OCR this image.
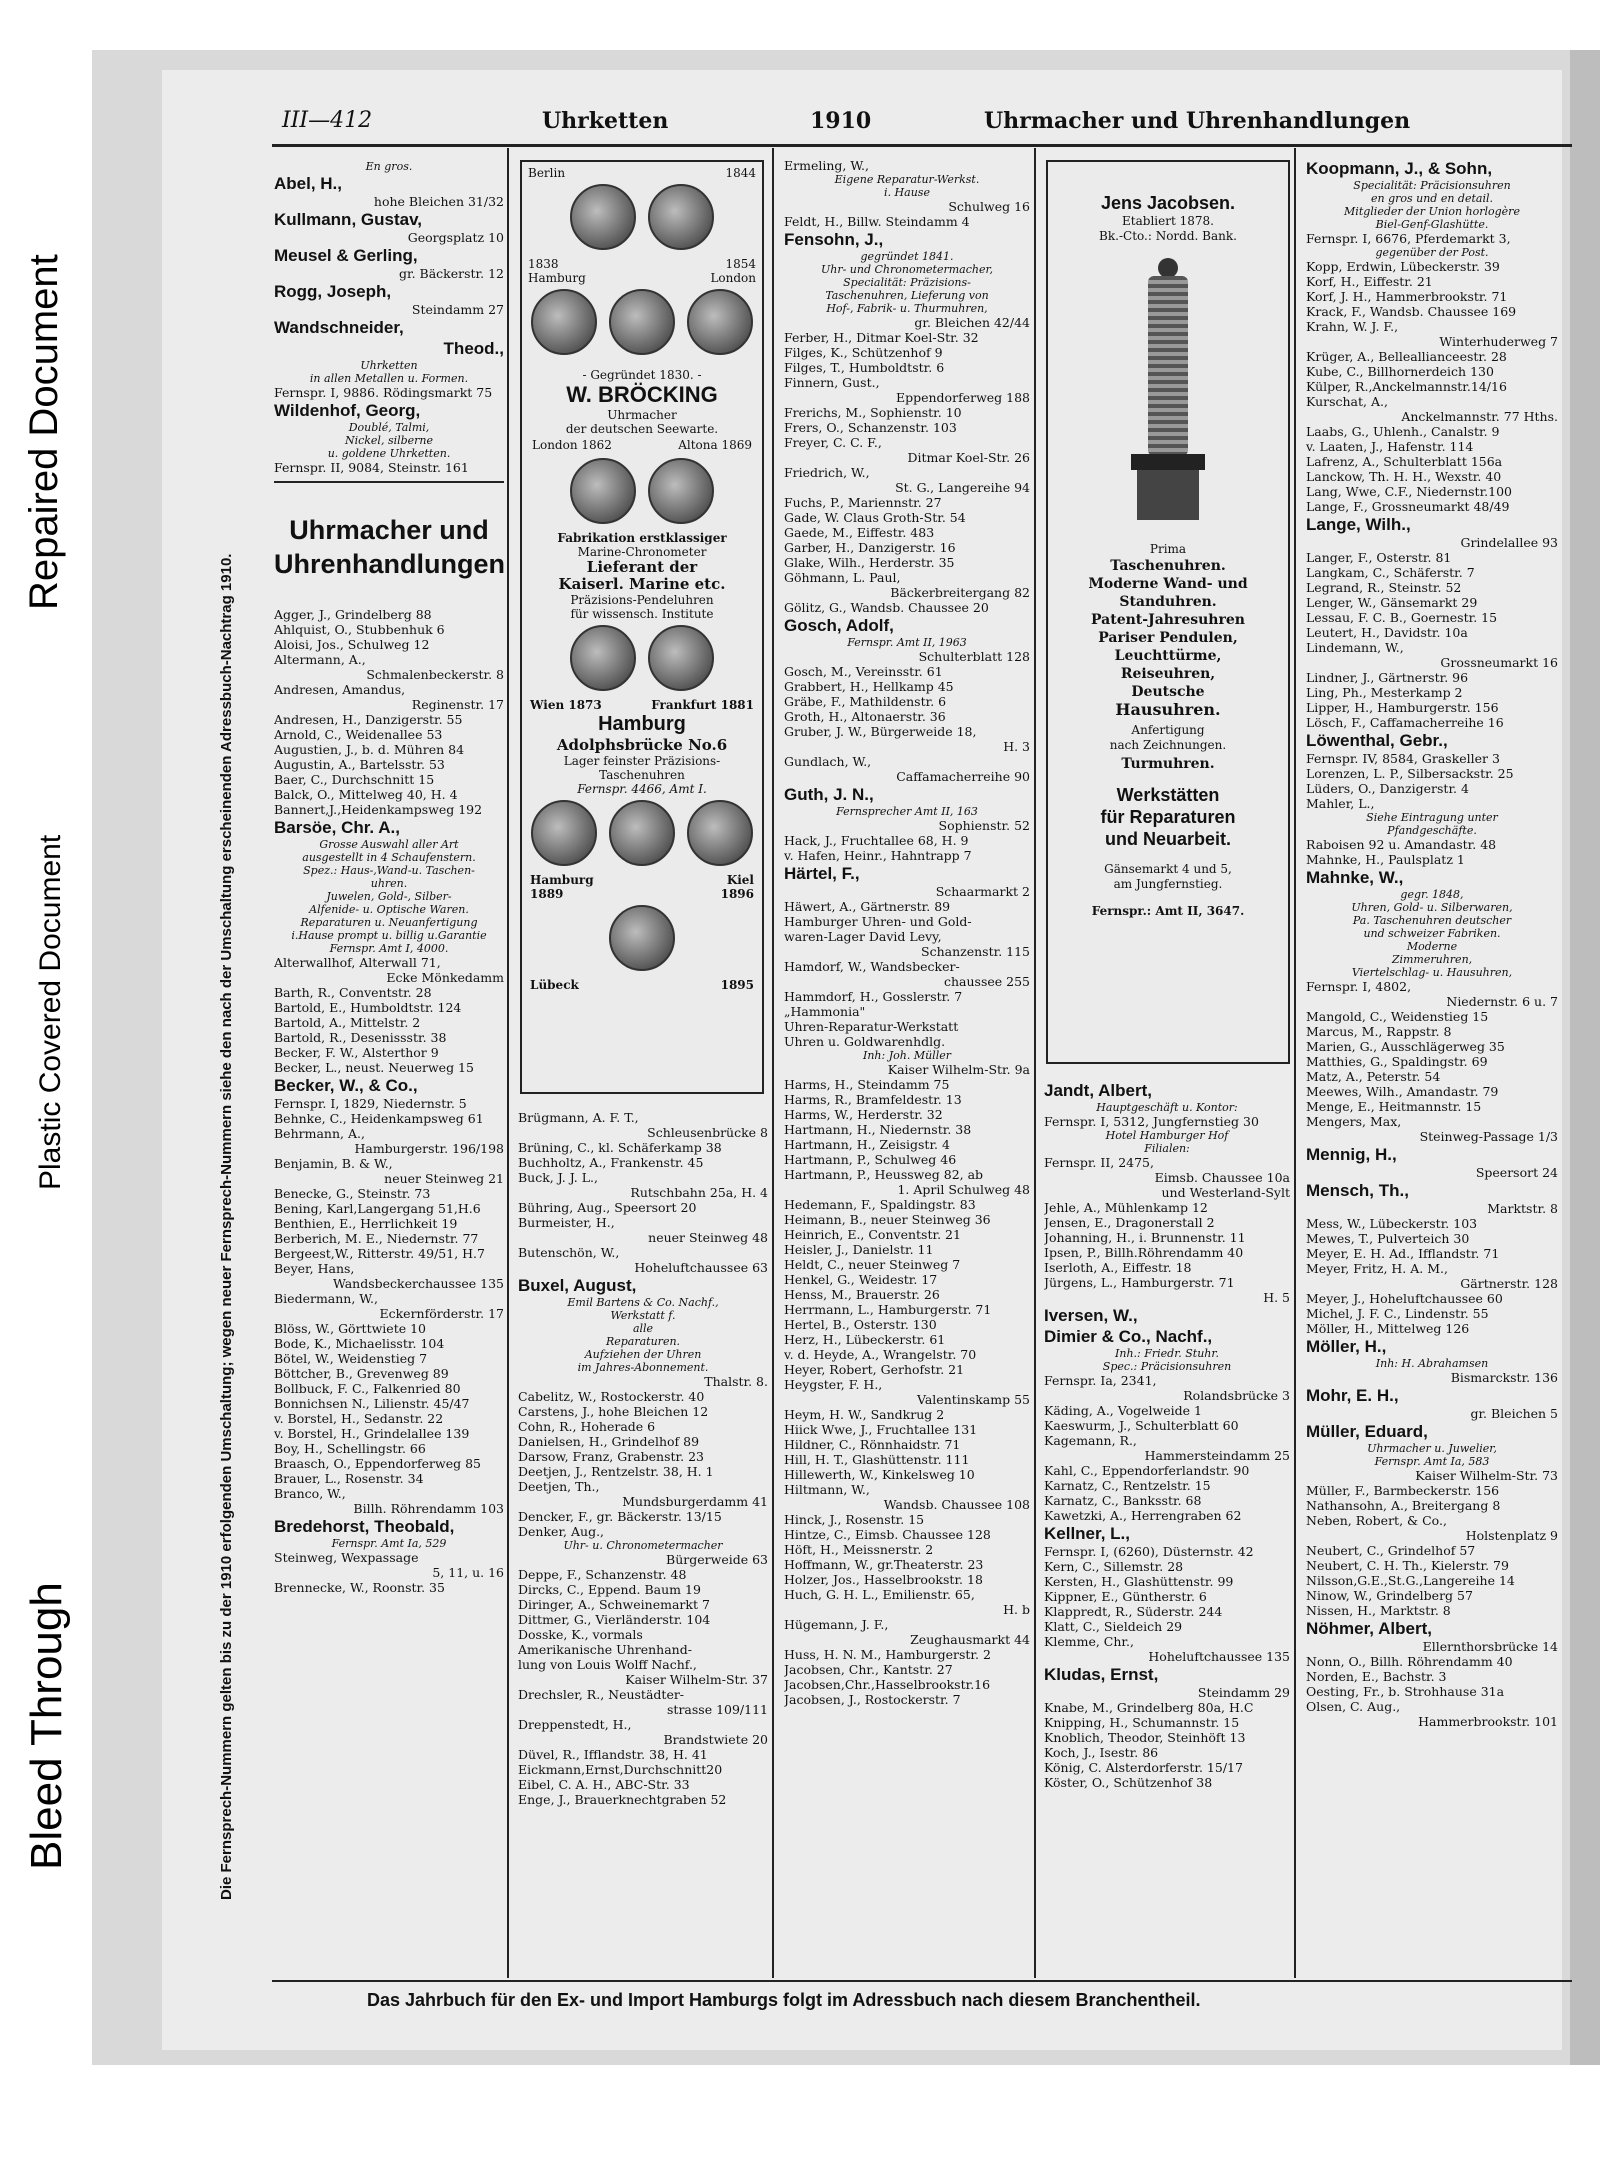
Bleed Through
Plastic Covered Document
Repaired Document
III—412	Uhrketten	1910	Uhrmacher und Uhrenhandlungen
Die Fernsprech-Nummern gelten bis zu der 1910 erfolgenden Umschaltung; wegen neuer Fernsprech-Nummern siehe den nach der Umschaltung erscheinenden Adressbuch-Nachtrag 1910.
En gros.
Abel, H.,
hohe Bleichen 31/32
Kullmann, Gustav,
Georgsplatz 10
Meusel & Gerling,
gr. Bäckerstr. 12
Rogg, Joseph,
Steindamm 27
Wandschneider,
Theod.,
Uhrketten
in allen Metallen u. Formen.
Fernspr. I, 9886. Rödingsmarkt 75
Wildenhof, Georg,
Doublé, Talmi,
Nickel, silberne
u. goldene Uhrketten.
Fernspr. II, 9084, Steinstr. 161
Uhrmacher und
Uhrenhandlungen
Agger, J., Grindelberg 88
Ahlquist, O., Stubbenhuk 6
Aloisi, Jos., Schulweg 12
Altermann, A.,
Schmalenbeckerstr. 8
Andresen, Amandus,
Reginenstr. 17
Andresen, H., Danzigerstr. 55
Arnold, C., Weidenallee 53
Augustien, J., b. d. Mühren 84
Augustin, A., Bartelsstr. 53
Baer, C., Durchschnitt 15
Balck, O., Mittelweg 40, H. 4
Bannert,J.,Heidenkampsweg 192
Barsöe, Chr. A.,
Grosse Auswahl aller Art
ausgestellt in 4 Schaufenstern.
Spez.: Haus-,Wand-u. Taschen-
uhren.
Juwelen, Gold-, Silber-
Alfenide- u. Optische Waren.
Reparaturen u. Neuanfertigung
i.Hause prompt u. billig u.Garantie
Fernspr. Amt I, 4000.
Alterwallhof, Alterwall 71,
Ecke Mönkedamm
Barth, R., Conventstr. 28
Bartold, E., Humboldtstr. 124
Bartold, A., Mittelstr. 2
Bartold, R., Desenissstr. 38
Becker, F. W., Alsterthor 9
Becker, L., neust. Neuerweg 15
Becker, W., & Co.,
Fernspr. I, 1829, Niedernstr. 5
Behnke, C., Heidenkampsweg 61
Behrmann, A.,
Hamburgerstr. 196/198
Benjamin, B. & W.,
neuer Steinweg 21
Benecke, G., Steinstr. 73
Bening, Karl,Langergang 51,H.6
Benthien, E., Herrlichkeit 19
Berberich, M. E., Niedernstr. 77
Bergeest,W., Ritterstr. 49/51, H.7
Beyer, Hans,
Wandsbeckerchaussee 135
Biedermann, W.,
Eckernförderstr. 17
Blöss, W., Görttwiete 10
Bode, K., Michaelisstr. 104
Bötel, W., Weidenstieg 7
Böttcher, B., Grevenweg 89
Bollbuck, F. C., Falkenried 80
Bonnichsen N., Lilienstr. 45/47
v. Borstel, H., Sedanstr. 22
v. Borstel, H., Grindelallee 139
Boy, H., Schellingstr. 66
Braasch, O., Eppendorferweg 85
Brauer, L., Rosenstr. 34
Branco, W.,
Billh. Röhrendamm 103
Bredehorst, Theobald,
Fernspr. Amt Ia, 529
Steinweg, Wexpassage
5, 11, u. 16
Brennecke, W., Roonstr. 35
Berlin	1844
1838	1854
Hamburg	London
- Gegründet 1830. -
W. BRÖCKING
Uhrmacher
der deutschen Seewarte.
London 1862	Altona 1869
Fabrikation erstklassiger
Marine-Chronometer
Lieferant der
Kaiserl. Marine etc.
Präzisions-Pendeluhren
für wissensch. Institute
Wien 1873	Frankfurt 1881
Hamburg
Adolphsbrücke No.6
Lager feinster Präzisions-
Taschenuhren
Fernspr. 4466, Amt I.
Hamburg	Kiel
1889	1896
Lübeck	1895
Brügmann, A. F. T.,
Schleusenbrücke 8
Brüning, C., kl. Schäferkamp 38
Buchholtz, A., Frankenstr. 45
Buck, J. J. L.,
Rutschbahn 25a, H. 4
Bühring, Aug., Speersort 20
Burmeister, H.,
neuer Steinweg 48
Butenschön, W.,
Hoheluftchaussee 63
Buxel, August,
Emil Bartens & Co. Nachf.,
Werkstatt f.
alle
Reparaturen.
Aufziehen der Uhren
im Jahres-Abonnement.
Thalstr. 8.
Cabelitz, W., Rostockerstr. 40
Carstens, J., hohe Bleichen 12
Cohn, R., Hoherade 6
Danielsen, H., Grindelhof 89
Darsow, Franz, Grabenstr. 23
Deetjen, J., Rentzelstr. 38, H. 1
Deetjen, Th.,
Mundsburgerdamm 41
Dencker, F., gr. Bäckerstr. 13/15
Denker, Aug.,
Uhr- u. Chronometermacher
Bürgerweide 63
Deppe, F., Schanzenstr. 48
Dircks, C., Eppend. Baum 19
Diringer, A., Schweinemarkt 7
Dittmer, G., Vierländerstr. 104
Dosske, K., vormals
Amerikanische Uhrenhand-
lung von Louis Wolff Nachf.,
Kaiser Wilhelm-Str. 37
Drechsler, R., Neustädter-
strasse 109/111
Dreppenstedt, H.,
Brandstwiete 20
Düvel, R., Ifflandstr. 38, H. 41
Eickmann,Ernst,Durchschnitt20
Eibel, C. A. H., ABC-Str. 33
Enge, J., Brauerknechtgraben 52
Ermeling, W.,
Eigene Reparatur-Werkst.
i. Hause
Schulweg 16
Feldt, H., Billw. Steindamm 4
Fensohn, J.,
gegründet 1841.
Uhr- und Chronometermacher,
Specialität: Präzisions-
Taschenuhren, Lieferung von
Hof-, Fabrik- u. Thurmuhren,
gr. Bleichen 42/44
Ferber, H., Ditmar Koel-Str. 32
Filges, K., Schützenhof 9
Filges, T., Humboldtstr. 6
Finnern, Gust.,
Eppendorferweg 188
Frerichs, M., Sophienstr. 10
Frers, O., Schanzenstr. 103
Freyer, C. C. F.,
Ditmar Koel-Str. 26
Friedrich, W.,
St. G., Langereihe 94
Fuchs, P., Mariennstr. 27
Gade, W. Claus Groth-Str. 54
Gaede, M., Eiffestr. 483
Garber, H., Danzigerstr. 16
Glake, Wilh., Herderstr. 35
Göhmann, L. Paul,
Bäckerbreitergang 82
Gölitz, G., Wandsb. Chaussee 20
Gosch, Adolf,
Fernspr. Amt II, 1963
Schulterblatt 128
Gosch, M., Vereinsstr. 61
Grabbert, H., Hellkamp 45
Gräbe, F., Mathildenstr. 6
Groth, H., Altonaerstr. 36
Gruber, J. W., Bürgerweide 18,
H. 3
Gundlach, W.,
Caffamacherreihe 90
Guth, J. N.,
Fernsprecher Amt II, 163
Sophienstr. 52
Hack, J., Fruchtallee 68, H. 9
v. Hafen, Heinr., Hahntrapp 7
Härtel, F.,
Schaarmarkt 2
Häwert, A., Gärtnerstr. 89
Hamburger Uhren- und Gold-
waren-Lager David Levy,
Schanzenstr. 115
Hamdorf, W., Wandsbecker-
chaussee 255
Hammdorf, H., Gosslerstr. 7
„Hammonia"
Uhren-Reparatur-Werkstatt
Uhren u. Goldwarenhdlg.
Inh: Joh. Müller
Kaiser Wilhelm-Str. 9a
Harms, H., Steindamm 75
Harms, R., Bramfeldestr. 13
Harms, W., Herderstr. 32
Hartmann, H., Niedernstr. 38
Hartmann, H., Zeisigstr. 4
Hartmann, P., Schulweg 46
Hartmann, P., Heussweg 82, ab
1. April Schulweg 48
Hedemann, F., Spaldingstr. 83
Heimann, B., neuer Steinweg 36
Heinrich, E., Conventstr. 21
Heisler, J., Danielstr. 11
Heldt, C., neuer Steinweg 7
Henkel, G., Weidestr. 17
Henss, M., Brauerstr. 26
Herrmann, L., Hamburgerstr. 71
Hertel, B., Osterstr. 130
Herz, H., Lübeckerstr. 61
v. d. Heyde, A., Wrangelstr. 70
Heyer, Robert, Gerhofstr. 21
Heygster, F. H.,
Valentinskamp 55
Heym, H. W., Sandkrug 2
Hiick Wwe, J., Fruchtallee 131
Hildner, C., Rönnhaidstr. 71
Hill, H. T., Glashüttenstr. 111
Hillewerth, W., Kinkelsweg 10
Hiltmann, W.,
Wandsb. Chaussee 108
Hinck, J., Rosenstr. 15
Hintze, C., Eimsb. Chaussee 128
Höft, H., Meissnerstr. 2
Hoffmann, W., gr.Theaterstr. 23
Holzer, Jos., Hasselbrookstr. 18
Huch, G. H. L., Emilienstr. 65,
H. b
Hügemann, J. F.,
Zeughausmarkt 44
Huss, H. N. M., Hamburgerstr. 2
Jacobsen, Chr., Kantstr. 27
Jacobsen,Chr.,Hasselbrookstr.16
Jacobsen, J., Rostockerstr. 7
Jens Jacobsen.
Etabliert 1878.
Bk.-Cto.: Nordd. Bank.
Prima
Taschenuhren.
Moderne Wand- und
Standuhren.
Patent-Jahresuhren
Pariser Pendulen,
Leuchttürme,
Reiseuhren,
Deutsche
Hausuhren.
Anfertigung
nach Zeichnungen.
Turmuhren.
Werkstätten
für Reparaturen
und Neuarbeit.
Gänsemarkt 4 und 5,
am Jungfernstieg.
Fernspr.: Amt II, 3647.
Jandt, Albert,
Hauptgeschäft u. Kontor:
Fernspr. I, 5312, Jungfernstieg 30
Hotel Hamburger Hof
Filialen:
Fernspr. II, 2475,
Eimsb. Chaussee 10a
und Westerland-Sylt
Jehle, A., Mühlenkamp 12
Jensen, E., Dragonerstall 2
Johanning, H., i. Brunnenstr. 11
Ipsen, P., Billh.Röhrendamm 40
Iserloth, A., Eiffestr. 18
Jürgens, L., Hamburgerstr. 71
H. 5
Iversen, W.,
Dimier & Co., Nachf.,
Inh.: Friedr. Stuhr.
Spec.: Präcisionsuhren
Fernspr. Ia, 2341,
Rolandsbrücke 3
Käding, A., Vogelweide 1
Kaeswurm, J., Schulterblatt 60
Kagemann, R.,
Hammersteindamm 25
Kahl, C., Eppendorferlandstr. 90
Karnatz, C., Rentzelstr. 15
Karnatz, C., Banksstr. 68
Kawetzki, A., Herrengraben 62
Kellner, L.,
Fernspr. I, (6260), Düsternstr. 42
Kern, C., Sillemstr. 28
Kersten, H., Glashüttenstr. 99
Kippner, E., Güntherstr. 6
Klappredt, R., Süderstr. 244
Klatt, C., Sieldeich 29
Klemme, Chr.,
Hoheluftchaussee 135
Kludas, Ernst,
Steindamm 29
Knabe, M., Grindelberg 80a, H.C
Knipping, H., Schumannstr. 15
Knoblich, Theodor, Steinhöft 13
Koch, J., Isestr. 86
König, C. Alsterdorferstr. 15/17
Köster, O., Schützenhof 38
Koopmann, J., & Sohn,
Specialität: Präcisionsuhren
en gros und en detail.
Mitglieder der Union horlogère
Biel-Genf-Glashütte.
Fernspr. I, 6676, Pferdemarkt 3,
gegenüber der Post.
Kopp, Erdwin, Lübeckerstr. 39
Korf, H., Eiffestr. 21
Korf, J. H., Hammerbrookstr. 71
Krack, F., Wandsb. Chaussee 169
Krahn, W. J. F.,
Winterhuderweg 7
Krüger, A., Belleallianceestr. 28
Kube, C., Billhornerdeich 130
Külper, R.,Anckelmannstr.14/16
Kurschat, A.,
Anckelmannstr. 77 Hths.
Laabs, G., Uhlenh., Canalstr. 9
v. Laaten, J., Hafenstr. 114
Lafrenz, A., Schulterblatt 156a
Lanckow, Th. H. H., Wexstr. 40
Lang, Wwe, C.F., Niedernstr.100
Lange, F., Grossneumarkt 48/49
Lange, Wilh.,
Grindelallee 93
Langer, F., Osterstr. 81
Langkam, C., Schäferstr. 7
Legrand, R., Steinstr. 52
Lenger, W., Gänsemarkt 29
Lessau, F. C. B., Goernestr. 15
Leutert, H., Davidstr. 10a
Lindemann, W.,
Grossneumarkt 16
Lindner, J., Gärtnerstr. 96
Ling, Ph., Mesterkamp 2
Lipper, H., Hamburgerstr. 156
Lösch, F., Caffamacherreihe 16
Löwenthal, Gebr.,
Fernspr. IV, 8584, Graskeller 3
Lorenzen, L. P., Silbersackstr. 25
Lüders, O., Danzigerstr. 4
Mahler, L.,
Siehe Eintragung unter
Pfandgeschäfte.
Raboisen 92 u. Amandastr. 48
Mahnke, H., Paulsplatz 1
Mahnke, W.,
gegr. 1848,
Uhren, Gold- u. Silberwaren,
Pa. Taschenuhren deutscher
und schweizer Fabriken.
Moderne
Zimmeruhren,
Viertelschlag- u. Hausuhren,
Fernspr. I, 4802,
Niedernstr. 6 u. 7
Mangold, C., Weidenstieg 15
Marcus, M., Rappstr. 8
Marien, G., Ausschlägerweg 35
Matthies, G., Spaldingstr. 69
Matz, A., Peterstr. 54
Meewes, Wilh., Amandastr. 79
Menge, E., Heitmannstr. 15
Mengers, Max,
Steinweg-Passage 1/3
Mennig, H.,
Speersort 24
Mensch, Th.,
Marktstr. 8
Mess, W., Lübeckerstr. 103
Mewes, T., Pulverteich 30
Meyer, E. H. Ad., Ifflandstr. 71
Meyer, Fritz, H. A. M.,
Gärtnerstr. 128
Meyer, J., Hoheluftchaussee 60
Michel, J. F. C., Lindenstr. 55
Möller, H., Mittelweg 126
Möller, H.,
Inh: H. Abrahamsen
Bismarckstr. 136
Mohr, E. H.,
gr. Bleichen 5
Müller, Eduard,
Uhrmacher u. Juwelier,
Fernspr. Amt Ia, 583
Kaiser Wilhelm-Str. 73
Müller, F., Barmbeckerstr. 156
Nathansohn, A., Breitergang 8
Neben, Robert, & Co.,
Holstenplatz 9
Neubert, C., Grindelhof 57
Neubert, C. H. Th., Kielerstr. 79
Nilsson,G.E.,St.G.,Langereihe 14
Ninow, W., Grindelberg 57
Nissen, H., Marktstr. 8
Nöhmer, Albert,
Ellernthorsbrücke 14
Nonn, O., Billh. Röhrendamm 40
Norden, E., Bachstr. 3
Oesting, Fr., b. Strohhause 31a
Olsen, C. Aug.,
Hammerbrookstr. 101
Das Jahrbuch für den Ex- und Import Hamburgs folgt im Adressbuch nach diesem Branchentheil.
